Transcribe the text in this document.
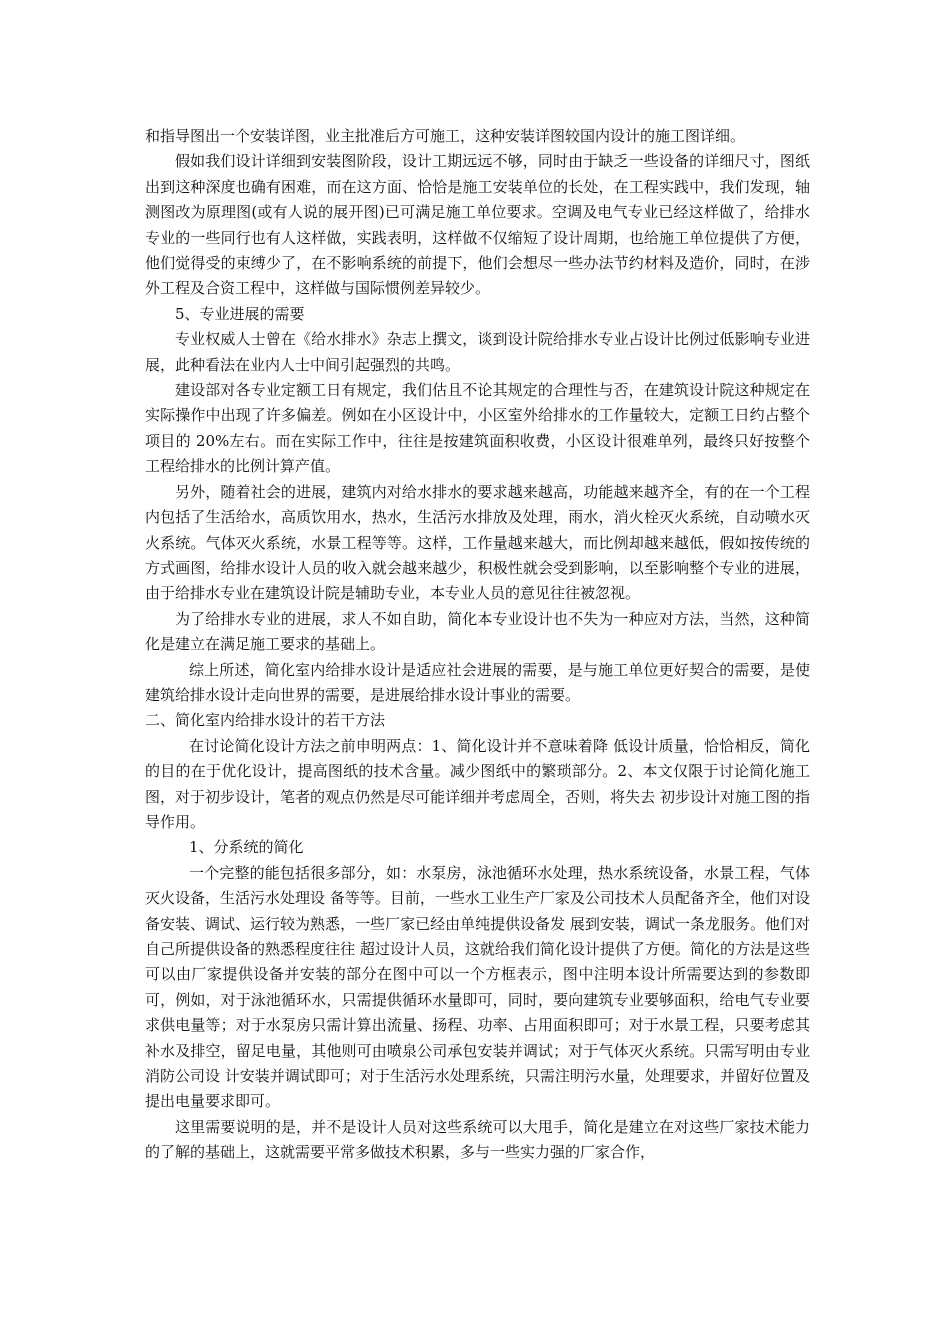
和指导图出一个安装详图，业主批准后方可施工，这种安装详图较国内设计的施工图详细。

假如我们设计详细到安装图阶段，设计工期远远不够，同时由于缺乏一些设备的详细尺寸，图纸出到这种深度也确有困难，而在这方面、恰恰是施工安装单位的长处，在工程实践中，我们发现，轴测图改为原理图(或有人说的展开图)已可满足施工单位要求。空调及电气专业已经这样做了，给排水专业的一些同行也有人这样做，实践表明，这样做不仅缩短了设计周期，也给施工单位提供了方便，他们觉得受的束缚少了，在不影响系统的前提下，他们会想尽一些办法节约材料及造价，同时，在涉外工程及合资工程中，这样做与国际惯例差异较少。

5、专业进展的需要

专业权威人士曾在《给水排水》杂志上撰文，谈到设计院给排水专业占设计比例过低影响专业进展，此种看法在业内人士中间引起强烈的共鸣。

建设部对各专业定额工日有规定，我们估且不论其规定的合理性与否，在建筑设计院这种规定在实际操作中出现了许多偏差。例如在小区设计中，小区室外给排水的工作量较大，定额工日约占整个项目的 20%左右。而在实际工作中，往往是按建筑面积收费，小区设计很难单列，最终只好按整个工程给排水的比例计算产值。

另外，随着社会的进展，建筑内对给水排水的要求越来越高，功能越来越齐全，有的在一个工程内包括了生活给水，高质饮用水，热水，生活污水排放及处理，雨水，消火栓灭火系统，自动喷水灭火系统。气体灭火系统，水景工程等等。这样，工作量越来越大，而比例却越来越低，假如按传统的方式画图，给排水设计人员的收入就会越来越少，积极性就会受到影响，以至影响整个专业的进展，由于给排水专业在建筑设计院是辅助专业，本专业人员的意见往往被忽视。

为了给排水专业的进展，求人不如自助，简化本专业设计也不失为一种应对方法，当然，这种简化是建立在满足施工要求的基础上。

综上所述，简化室内给排水设计是适应社会进展的需要，是与施工单位更好契合的需要，是使建筑给排水设计走向世界的需要，是进展给排水设计事业的需要。

二、简化室内给排水设计的若干方法

在讨论简化设计方法之前申明两点：1、简化设计并不意味着降 低设计质量，恰恰相反，简化的目的在于优化设计，提高图纸的技术含量。减少图纸中的繁琐部分。2、本文仅限于讨论简化施工图，对于初步设计，笔者的观点仍然是尽可能详细并考虑周全，否则，将失去 初步设计对施工图的指导作用。

1、分系统的简化

一个完整的能包括很多部分，如：水泵房，泳池循环水处理，热水系统设备，水景工程，气体灭火设备，生活污水处理设 备等等。目前，一些水工业生产厂家及公司技术人员配备齐全，他们对设备安装、调试、运行较为熟悉，一些厂家已经由单纯提供设备发 展到安装，调试一条龙服务。他们对自己所提供设备的熟悉程度往往 超过设计人员，这就给我们简化设计提供了方便。简化的方法是这些可以由厂家提供设备并安装的部分在图中可以一个方框表示，图中注明本设计所需要达到的参数即可，例如，对于泳池循环水，只需提供循环水量即可，同时，要向建筑专业要够面积，给电气专业要求供电量等；对于水泵房只需计算出流量、扬程、功率、占用面积即可；对于水景工程，只要考虑其补水及排空，留足电量，其他则可由喷泉公司承包安装并调试；对于气体灭火系统。只需写明由专业消防公司设 计安装并调试即可；对于生活污水处理系统，只需注明污水量，处理要求，并留好位置及提出电量要求即可。

这里需要说明的是，并不是设计人员对这些系统可以大甩手，简化是建立在对这些厂家技术能力的了解的基础上，这就需要平常多做技术积累，多与一些实力强的厂家合作，
